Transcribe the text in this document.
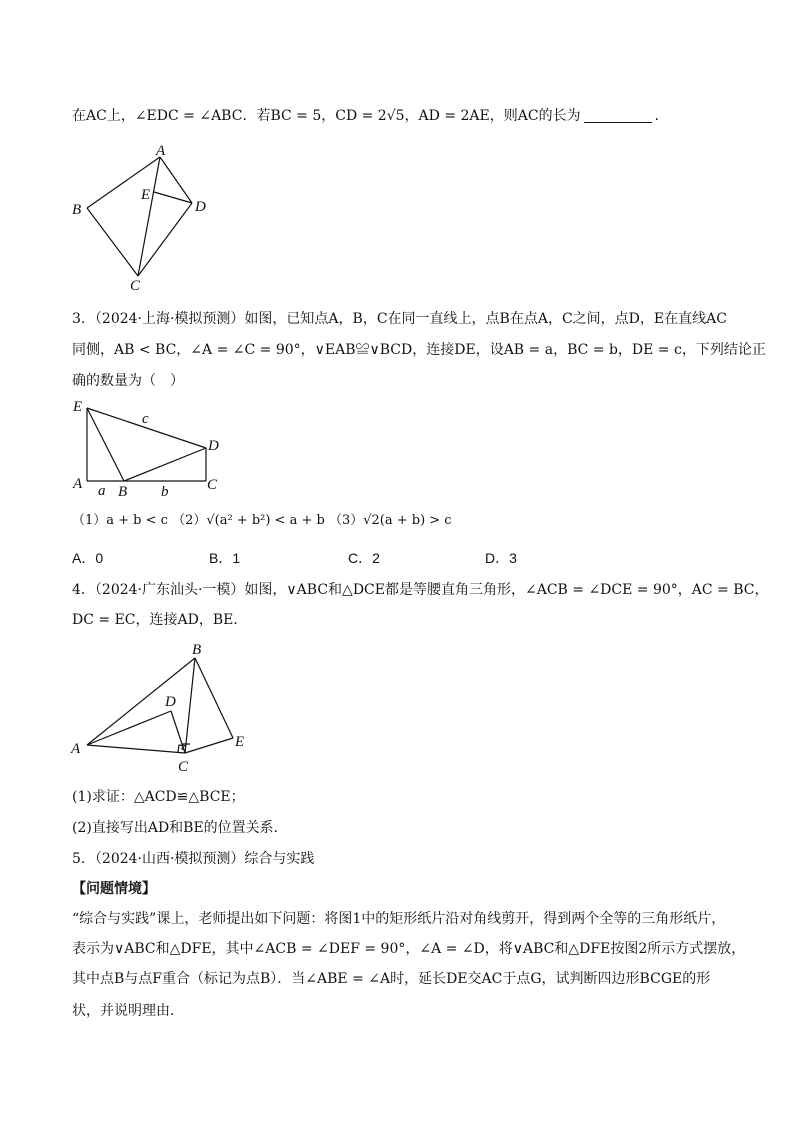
在AC上，∠EDC = ∠ABC．若BC = 5，CD = 2√5，AD = 2AE，则AC的长为	．
A
B
C
D
E
3．（2024·上海·模拟预测）如图，已知点A，B，C在同一直线上，点B在点A，C之间，点D，E在直线AC
同侧，AB < BC，∠A = ∠C = 90°，∨EAB≌∨BCD，连接DE，设AB = a，BC = b，DE = c，下列结论正
确的数量为（　）
E
c
D
A a B b	C
（1）a + b < c （2）√(a² + b²) < a + b （3）√2(a + b) > c
A．0	B．1	C．2	D．3
4．（2024·广东汕头·一模）如图，∨ABC和△DCE都是等腰直角三角形，∠ACB = ∠DCE = 90°，AC = BC，
DC = EC，连接AD，BE．
B
D
A
C
E
(1)求证：△ACD≌△BCE；
(2)直接写出AD和BE的位置关系．
5．（2024·山西·模拟预测）综合与实践
【问题情境】
“综合与实践”课上，老师提出如下问题：将图1中的矩形纸片沿对角线剪开，得到两个全等的三角形纸片，
表示为∨ABC和△DFE，其中∠ACB = ∠DEF = 90°，∠A = ∠D，将∨ABC和△DFE按图2所示方式摆放，
其中点B与点F重合（标记为点B）．当∠ABE = ∠A时，延长DE交AC于点G，试判断四边形BCGE的形
状，并说明理由．
